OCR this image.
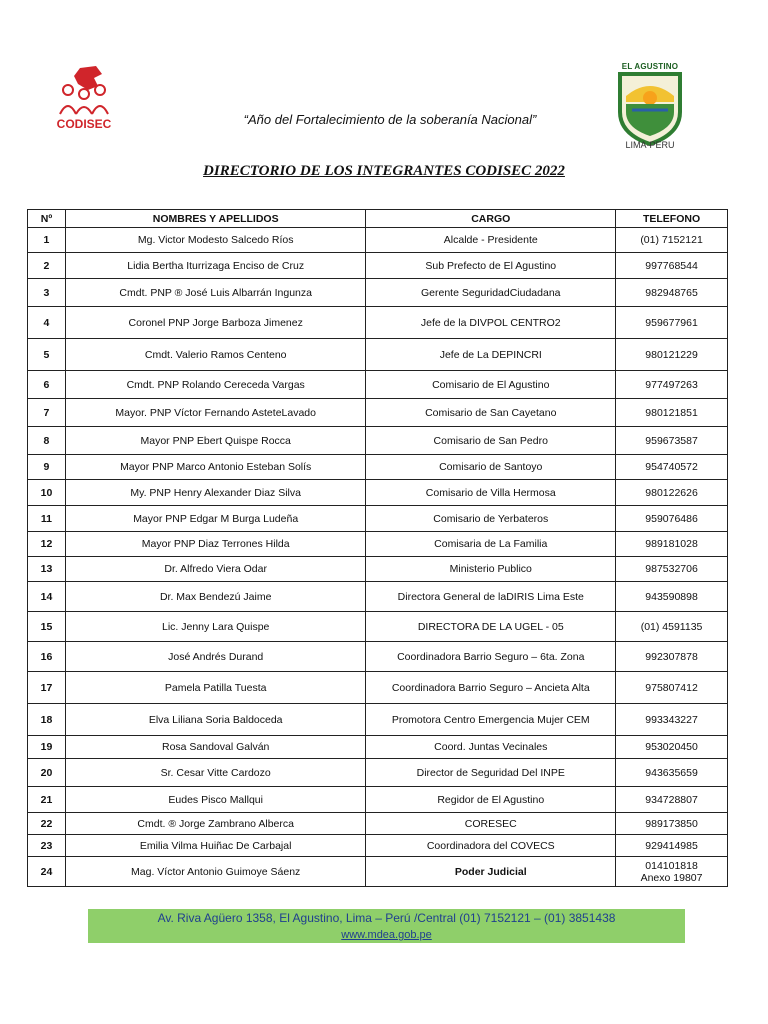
CODISEC
EL AGUSTINO
LIMA-PERU
“Año del Fortalecimiento de la soberanía Nacional”
DIRECTORIO DE LOS INTEGRANTES CODISEC 2022
Nº	NOMBRES Y APELLIDOS	CARGO	TELEFONO
1	Mg. Victor Modesto Salcedo Ríos	Alcalde - Presidente	(01) 7152121
2	Lidia Bertha Iturrizaga Enciso de Cruz	Sub Prefecto de El Agustino	997768544
3	Cmdt. PNP ® José Luis Albarrán Ingunza	Gerente SeguridadCiudadana	982948765
4	Coronel PNP Jorge Barboza Jimenez	Jefe de la DIVPOL CENTRO2	959677961
5	Cmdt. Valerio Ramos Centeno	Jefe de La DEPINCRI	980121229
6	Cmdt. PNP Rolando Cereceda Vargas	Comisario de El Agustino	977497263
7	Mayor. PNP Víctor Fernando AsteteLavado	Comisario de San Cayetano	980121851
8	Mayor PNP Ebert Quispe Rocca	Comisario de San Pedro	959673587
9	Mayor PNP Marco Antonio Esteban Solís	Comisario de Santoyo	954740572
10	My. PNP Henry Alexander Diaz Silva	Comisario de Villa Hermosa	980122626
11	Mayor PNP Edgar M Burga Ludeña	Comisario de Yerbateros	959076486
12	Mayor PNP Diaz Terrones Hilda	Comisaria de La Familia	989181028
13	Dr. Alfredo Viera Odar	Ministerio Publico	987532706
14	Dr. Max Bendezú Jaime	Directora General de laDIRIS Lima Este	943590898
15	Lic. Jenny Lara Quispe	DIRECTORA DE LA UGEL - 05	(01) 4591135
16	José Andrés Durand	Coordinadora Barrio Seguro – 6ta. Zona	992307878
17	Pamela Patilla Tuesta	Coordinadora Barrio Seguro – Ancieta Alta	975807412
18	Elva Liliana Soria Baldoceda	Promotora Centro Emergencia Mujer CEM	993343227
19	Rosa Sandoval Galván	Coord. Juntas Vecinales	953020450
20	Sr. Cesar Vitte Cardozo	Director de Seguridad Del INPE	943635659
21	Eudes Pisco Mallqui	Regidor de El Agustino	934728807
22	Cmdt. ® Jorge Zambrano Alberca	CORESEC	989173850
23	Emilia Vilma Huiñac De Carbajal	Coordinadora del COVECS	929414985
24	Mag. Víctor Antonio Guimoye Sáenz	Poder Judicial	014101818
Anexo 19807
Av. Riva Agüero 1358, El Agustino, Lima – Perú /Central (01) 7152121 – (01) 3851438
www.mdea.gob.pe
